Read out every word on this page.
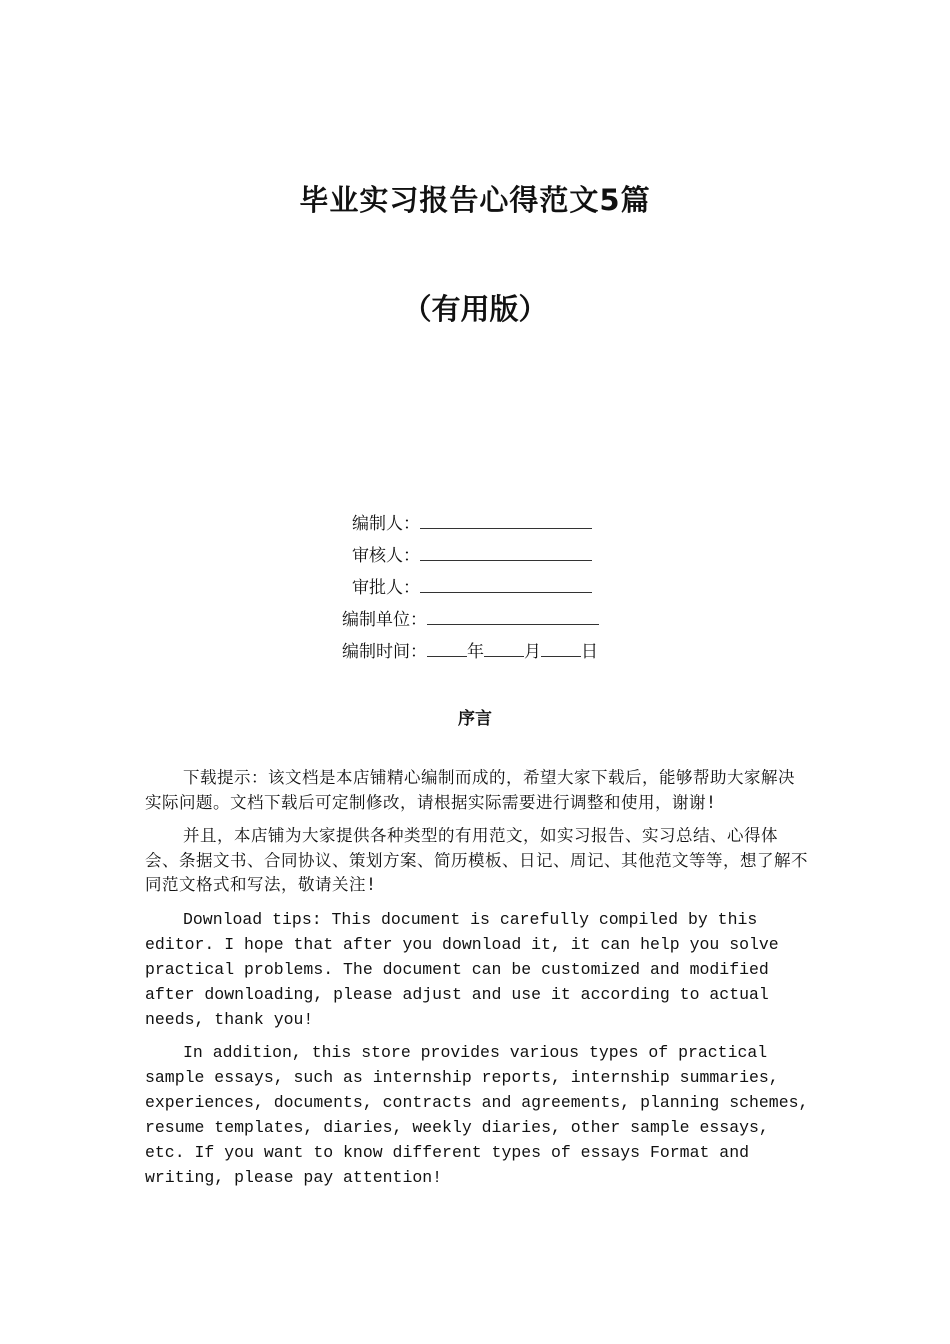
毕业实习报告心得范文5篇
（有用版）
编制人：
审核人：
审批人：
编制单位：
编制时间： 年 月 日
序言

下载提示：该文档是本店铺精心编制而成的，希望大家下载后，能够帮助大家解决实际问题。文档下载后可定制修改，请根据实际需要进行调整和使用，谢谢!

并且，本店铺为大家提供各种类型的有用范文，如实习报告、实习总结、心得体会、条据文书、合同协议、策划方案、简历模板、日记、周记、其他范文等等，想了解不同范文格式和写法，敬请关注!

Download tips: This document is carefully compiled by this editor. I hope that after you download it, it can help you solve practical problems. The document can be customized and modified after downloading, please adjust and use it according to actual needs, thank you!

In addition, this store provides various types of practical sample essays, such as internship reports, internship summaries, experiences, documents, contracts and agreements, planning schemes, resume templates, diaries, weekly diaries, other sample essays, etc. If you want to know different types of essays Format and writing, please pay attention!
